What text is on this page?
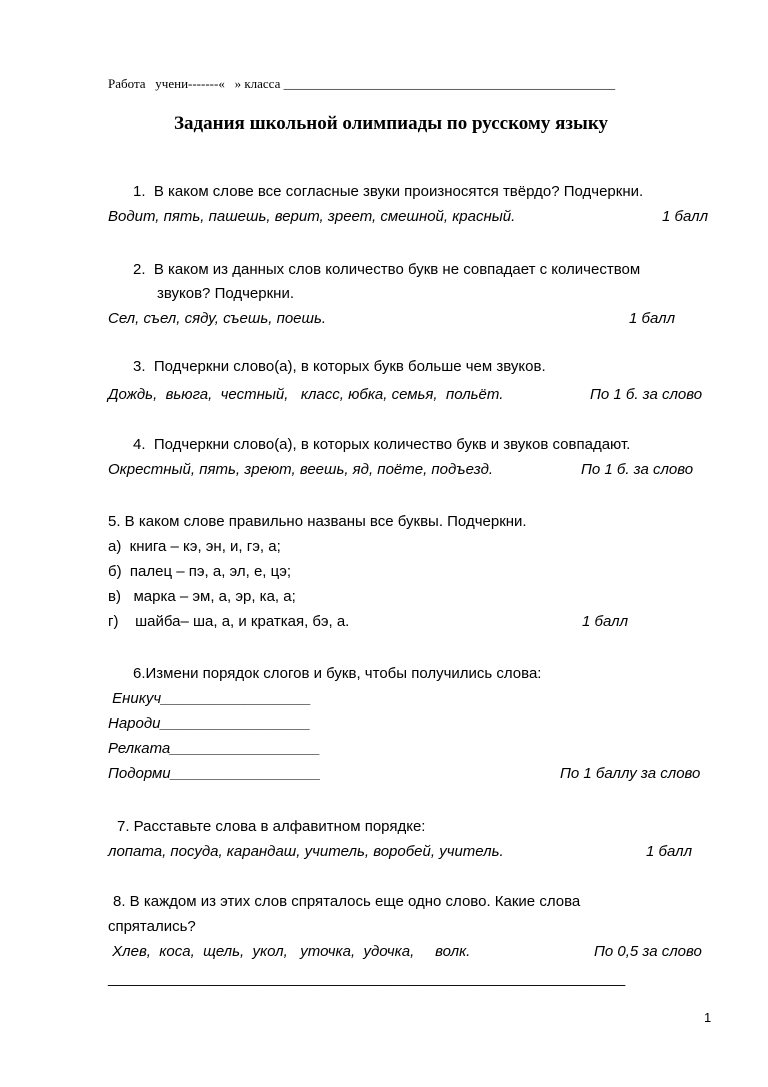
Работа   учени-------«   » класса ___________________________________________________
Задания школьной олимпиады по русскому языку
1.  В каком слове все согласные звуки произносятся твёрдо? Подчеркни.
Водит, пять, пашешь, верит, зреет, смешной, красный.	1 балл
2.  В каком из данных слов количество букв не совпадает с количеством
звуков? Подчеркни.
Сел, съел, сяду, съешь, поешь.	1 балл
3.  Подчеркни слово(а), в которых букв больше чем звуков.
Дождь,  вьюга,  честный,   класс, юбка, семья,  польёт.	По 1 б. за слово
4.  Подчеркни слово(а), в которых количество букв и звуков совпадают.
Окрестный, пять, зреют, веешь, яд, поёте, подъезд.	По 1 б. за слово
5. В каком слове правильно названы все буквы. Подчеркни.
а)  книга – кэ, эн, и, гэ, а;
б)  палец – пэ, а, эл, е, цэ;
в)   марка – эм, а, эр, ка, а;
г)    шайба– ша, а, и краткая, бэ, а.	1 балл
6.Измени порядок слогов и букв, чтобы получились слова:
Еникуч__________________
Народи__________________
Релката__________________
Подорми__________________	По 1 баллу за слово
7. Расставьте слова в алфавитном порядке:
лопата, посуда, карандаш, учитель, воробей, учитель.	1 балл
8. В каждом из этих слов спряталось еще одно слово. Какие слова
спрятались?
Хлев,  коса,  щель,  укол,   уточка,  удочка,     волк.	По 0,5 за слово
______________________________________________________________
1
